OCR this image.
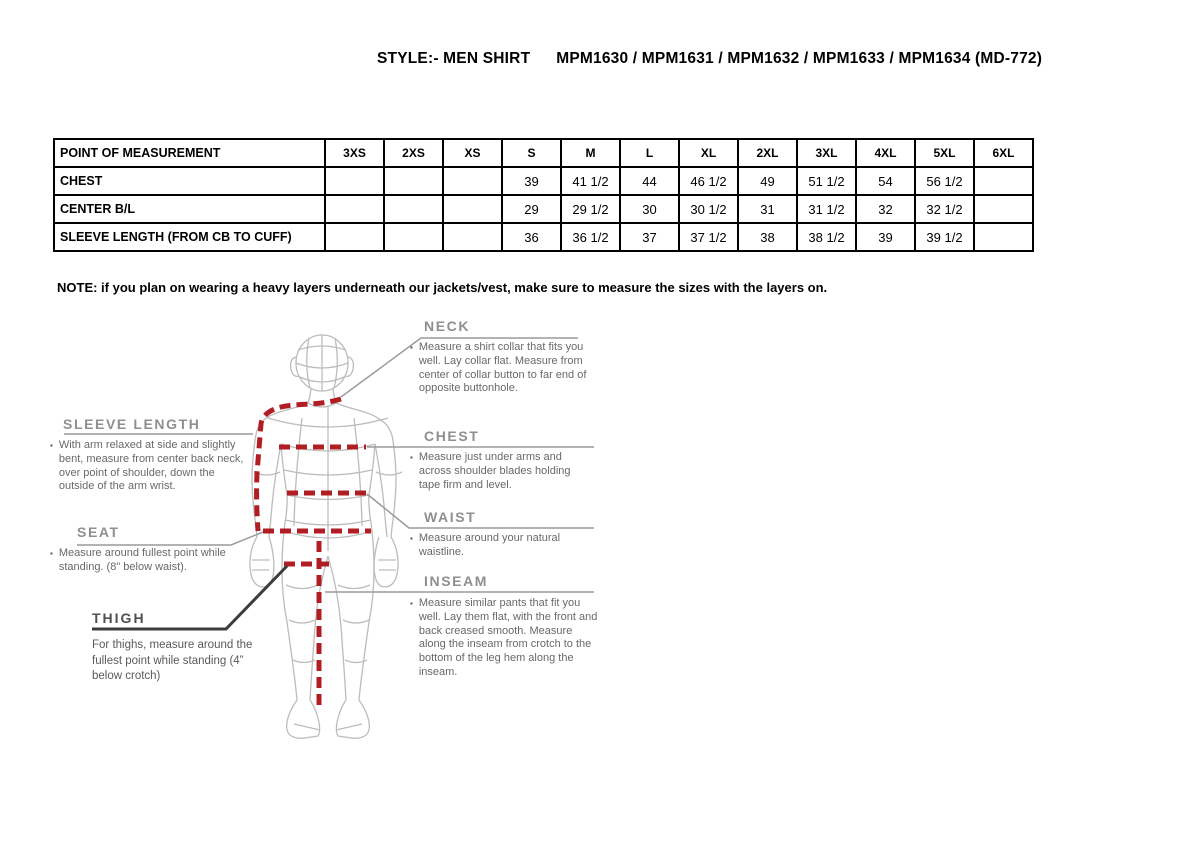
STYLE:- MEN SHIRT MPM1630 / MPM1631 / MPM1632 / MPM1633 / MPM1634 (MD-772)
POINT OF MEASUREMENT	3XS	2XS	XS	S	M	L	XL	2XL	3XL	4XL	5XL	6XL
CHEST				39	41 1/2	44	46 1/2	49	51 1/2	54	56 1/2	
CENTER B/L				29	29 1/2	30	30 1/2	31	31 1/2	32	32 1/2	
SLEEVE LENGTH (FROM CB TO CUFF)				36	36 1/2	37	37 1/2	38	38 1/2	39	39 1/2	
NOTE: if you plan on wearing a heavy layers underneath our jackets/vest, make sure to measure the sizes with the layers on.
NECK
▪ Measure a shirt collar that fits you well. Lay collar flat. Measure from center of collar button to far end of opposite buttonhole.
SLEEVE LENGTH
▪ With arm relaxed at side and slightly bent, measure from center back neck, over point of shoulder, down the outside of the arm wrist.
CHEST
▪ Measure just under arms and across shoulder blades holding tape firm and level.
SEAT
▪ Measure around fullest point while standing. (8" below waist).
WAIST
▪ Measure around your natural waistline.
THIGH
For thighs, measure around the fullest point while standing (4” below crotch)
INSEAM
▪ Measure similar pants that fit you well. Lay them flat, with the front and back creased smooth. Measure along the inseam from crotch to the bottom of the leg hem along the inseam.
